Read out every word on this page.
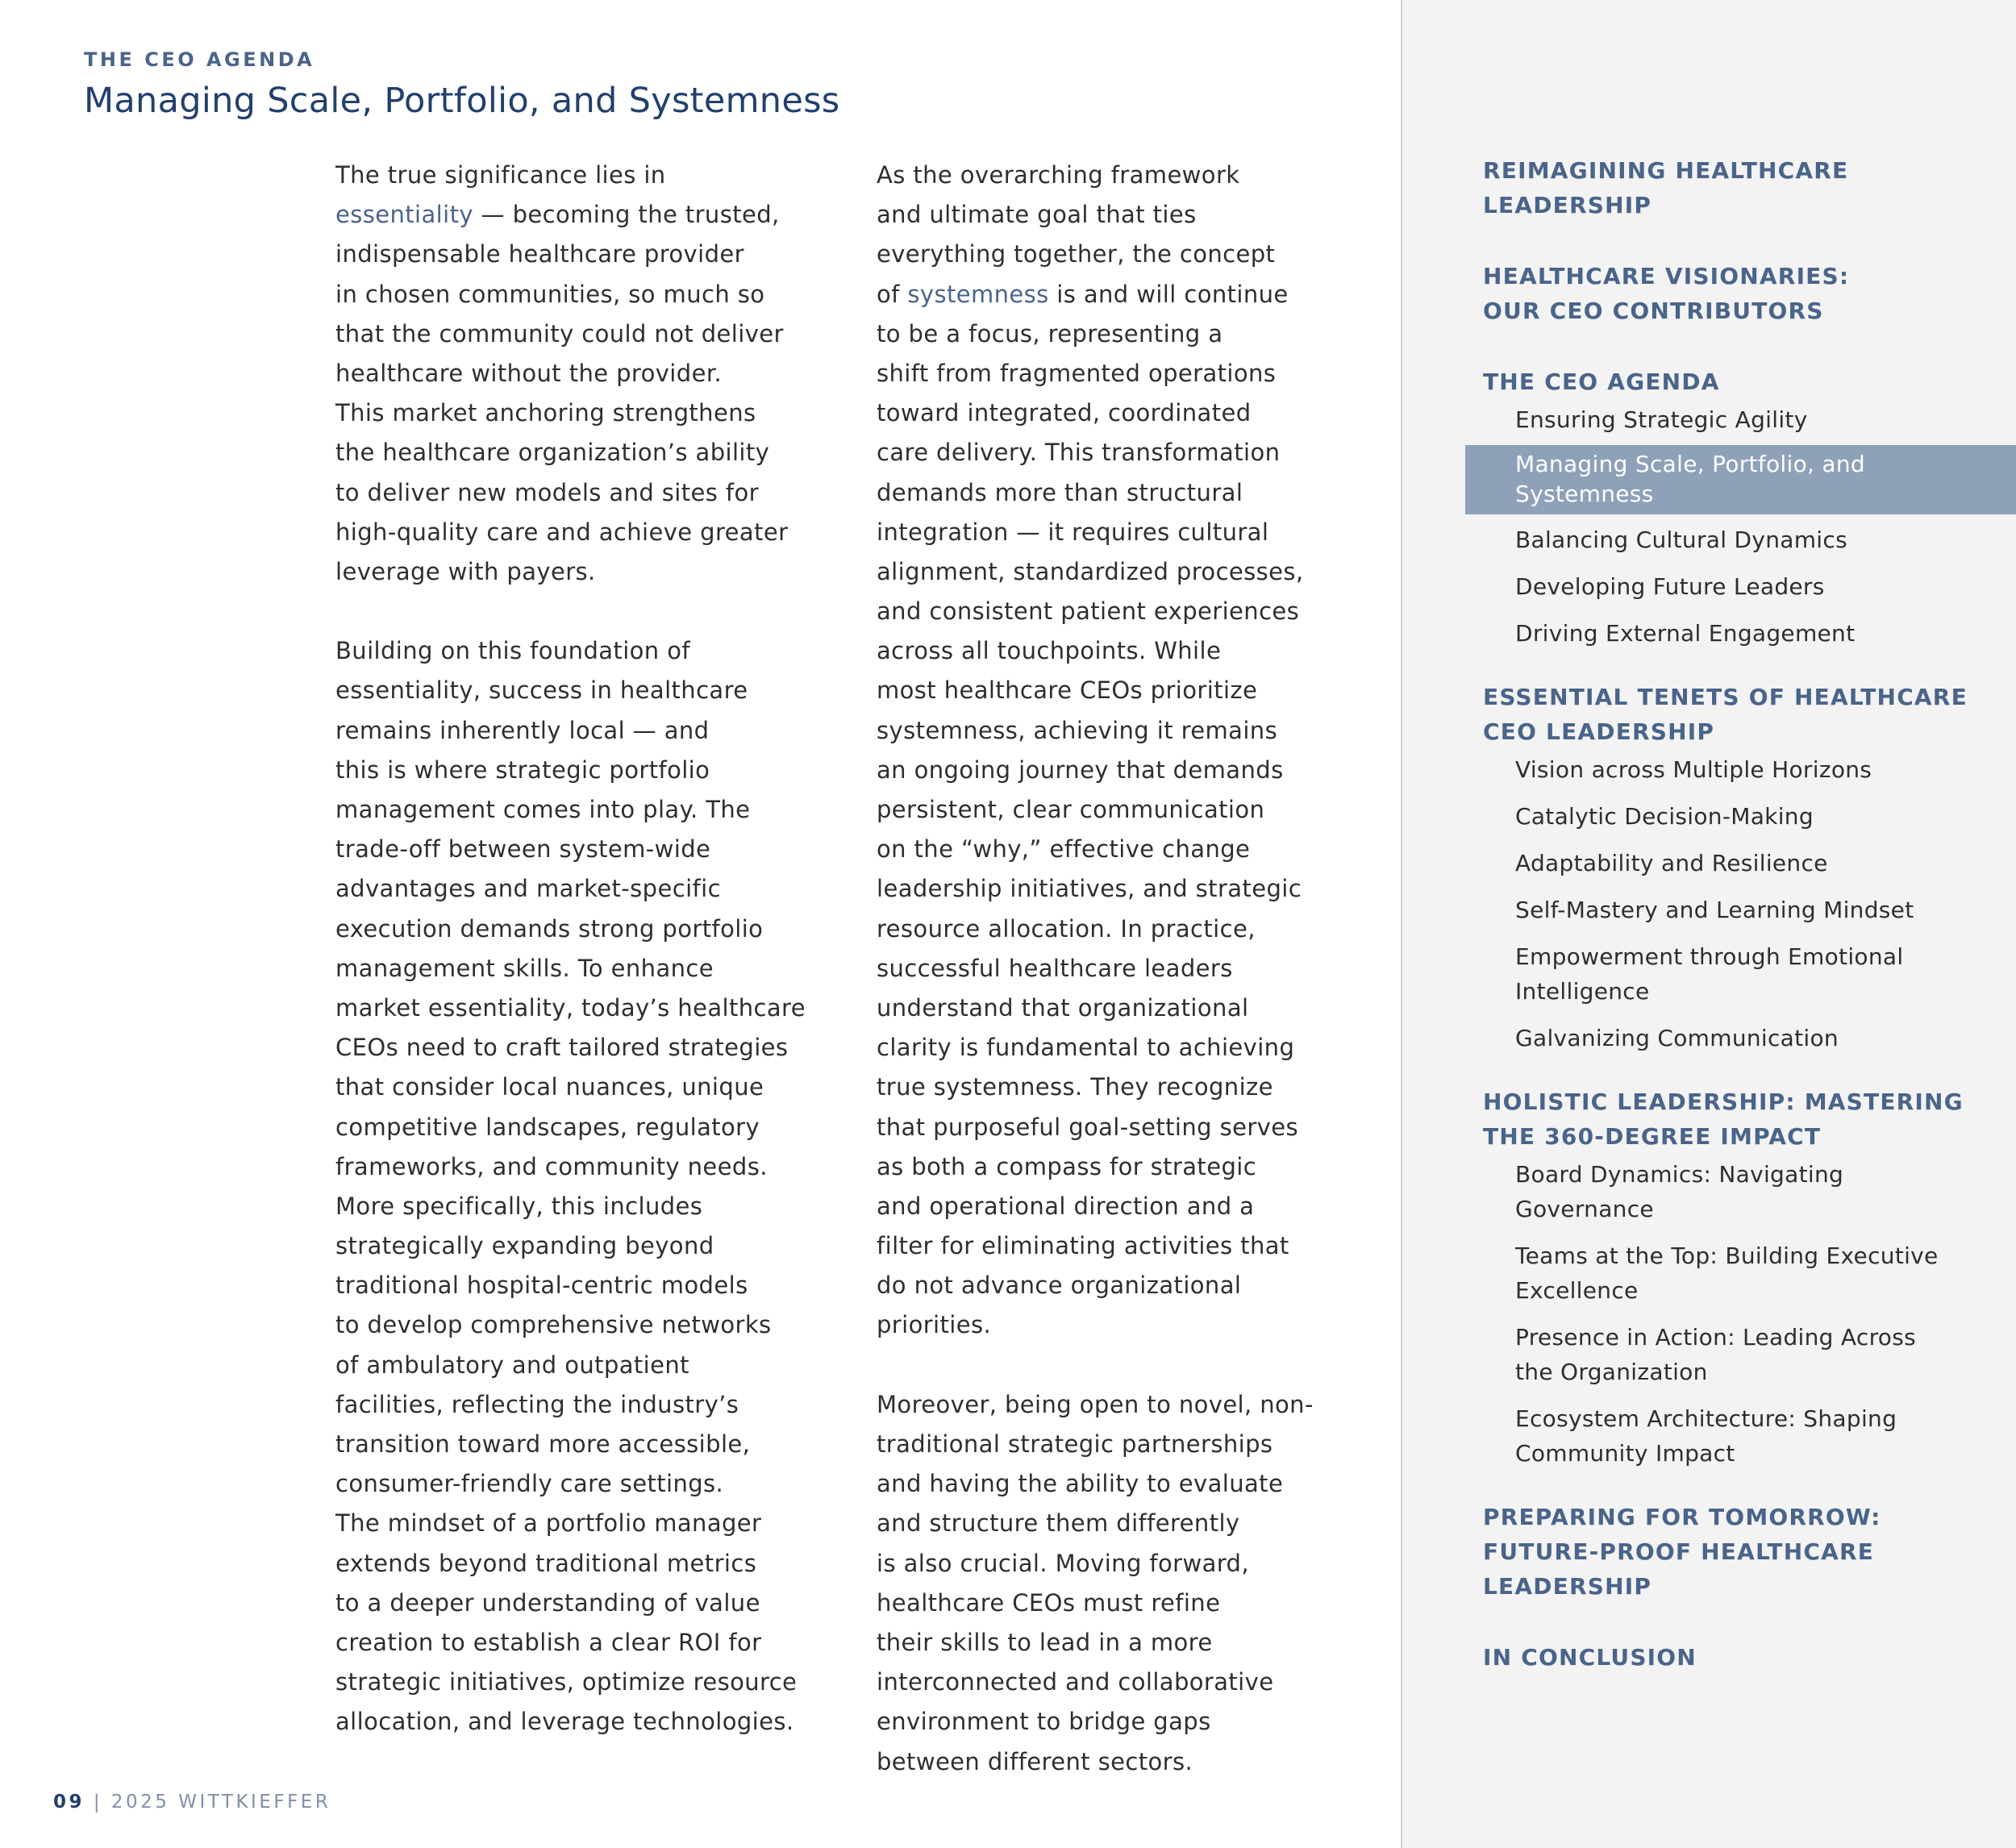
THE CEO AGENDA
Managing Scale, Portfolio, and Systemness
The true significance lies in
essentiality — becoming the trusted,
indispensable healthcare provider
in chosen communities, so much so
that the community could not deliver
healthcare without the provider.
This market anchoring strengthens
the healthcare organization’s ability
to deliver new models and sites for
high-quality care and achieve greater
leverage with payers.
Building on this foundation of
essentiality, success in healthcare
remains inherently local — and
this is where strategic portfolio
management comes into play. The
trade-off between system-wide
advantages and market-specific
execution demands strong portfolio
management skills. To enhance
market essentiality, today’s healthcare
CEOs need to craft tailored strategies
that consider local nuances, unique
competitive landscapes, regulatory
frameworks, and community needs.
More specifically, this includes
strategically expanding beyond
traditional hospital-centric models
to develop comprehensive networks
of ambulatory and outpatient
facilities, reflecting the industry’s
transition toward more accessible,
consumer-friendly care settings.
The mindset of a portfolio manager
extends beyond traditional metrics
to a deeper understanding of value
creation to establish a clear ROI for
strategic initiatives, optimize resource
allocation, and leverage technologies.
As the overarching framework
and ultimate goal that ties
everything together, the concept
of systemness is and will continue
to be a focus, representing a
shift from fragmented operations
toward integrated, coordinated
care delivery. This transformation
demands more than structural
integration — it requires cultural
alignment, standardized processes,
and consistent patient experiences
across all touchpoints. While
most healthcare CEOs prioritize
systemness, achieving it remains
an ongoing journey that demands
persistent, clear communication
on the “why,” effective change
leadership initiatives, and strategic
resource allocation. In practice,
successful healthcare leaders
understand that organizational
clarity is fundamental to achieving
true systemness. They recognize
that purposeful goal-setting serves
as both a compass for strategic
and operational direction and a
filter for eliminating activities that
do not advance organizational
priorities.
Moreover, being open to novel, non-
traditional strategic partnerships
and having the ability to evaluate
and structure them differently
is also crucial. Moving forward,
healthcare CEOs must refine
their skills to lead in a more
interconnected and collaborative
environment to bridge gaps
between different sectors.
09 | 2025 WITTKIEFFER
REIMAGINING HEALTHCARE
LEADERSHIP
HEALTHCARE VISIONARIES:
OUR CEO CONTRIBUTORS
THE CEO AGENDA
Ensuring Strategic Agility
Managing Scale, Portfolio, and
Systemness
Balancing Cultural Dynamics
Developing Future Leaders
Driving External Engagement
ESSENTIAL TENETS OF HEALTHCARE
CEO LEADERSHIP
Vision across Multiple Horizons
Catalytic Decision-Making
Adaptability and Resilience
Self-Mastery and Learning Mindset
Empowerment through Emotional
Intelligence
Galvanizing Communication
HOLISTIC LEADERSHIP: MASTERING
THE 360-DEGREE IMPACT
Board Dynamics: Navigating
Governance
Teams at the Top: Building Executive
Excellence
Presence in Action: Leading Across
the Organization
Ecosystem Architecture: Shaping
Community Impact
PREPARING FOR TOMORROW:
FUTURE-PROOF HEALTHCARE
LEADERSHIP
IN CONCLUSION
